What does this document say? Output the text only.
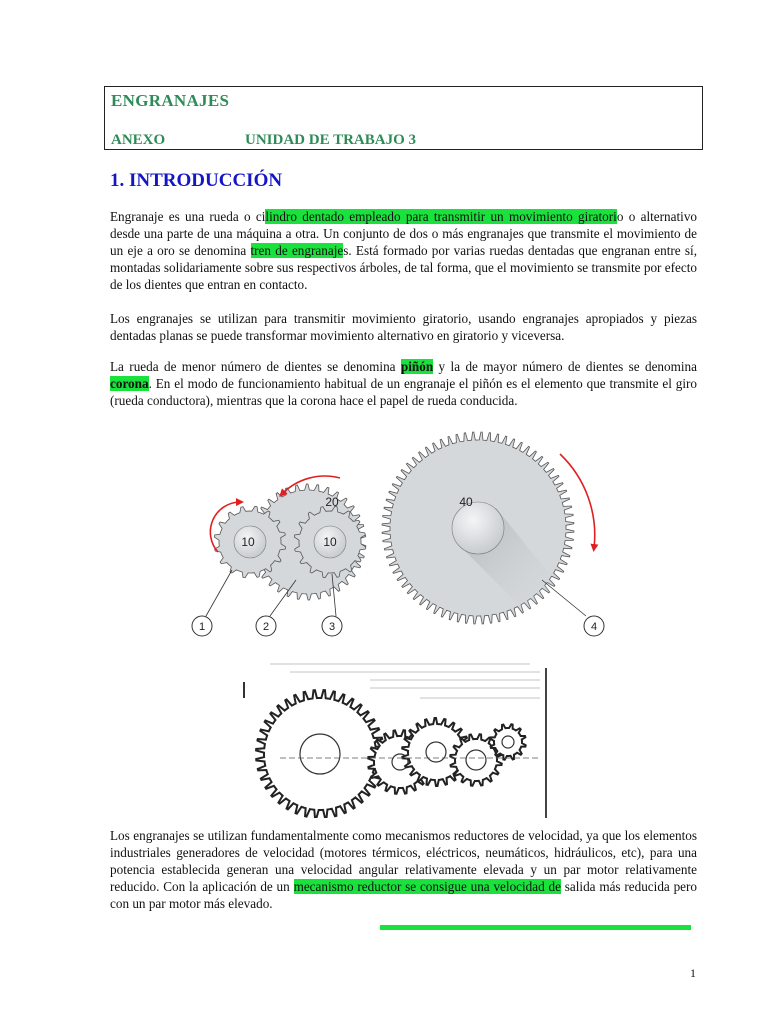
ENGRANAJES
ANEXO	UNIDAD DE TRABAJO 3
1. INTRODUCCIÓN

Engranaje es una rueda o cilindro dentado empleado para transmitir un movimiento giratorio o alternativo desde una parte de una máquina a otra. Un conjunto de dos o más engranajes que transmite el movimiento de un eje a oro se denomina tren de engranajes. Está formado por varias ruedas dentadas que engranan entre sí, montadas solidariamente sobre sus respectivos árboles, de tal forma, que el movimiento se transmite por efecto de los dientes que entran en contacto.

Los engranajes se utilizan para transmitir movimiento giratorio, usando engranajes apropiados y piezas dentadas planas se puede transformar movimiento alternativo en giratorio y viceversa.

La rueda de menor número de dientes se denomina piñón y la de mayor número de dientes se denomina corona. En el modo de funcionamiento habitual de un engranaje el piñón es el elemento que transmite el giro (rueda conductora), mientras que la corona hace el papel de rueda conducida.

40
20
10	10
1	2	3	4

Los engranajes se utilizan fundamentalmente como mecanismos reductores de velocidad, ya que los elementos industriales generadores de velocidad (motores térmicos, eléctricos, neumáticos, hidráulicos, etc), para una potencia establecida generan una velocidad angular relativamente elevada y un par motor relativamente reducido. Con la aplicación de un mecanismo reductor se consigue una velocidad de salida más reducida pero con un par motor más elevado.

1
